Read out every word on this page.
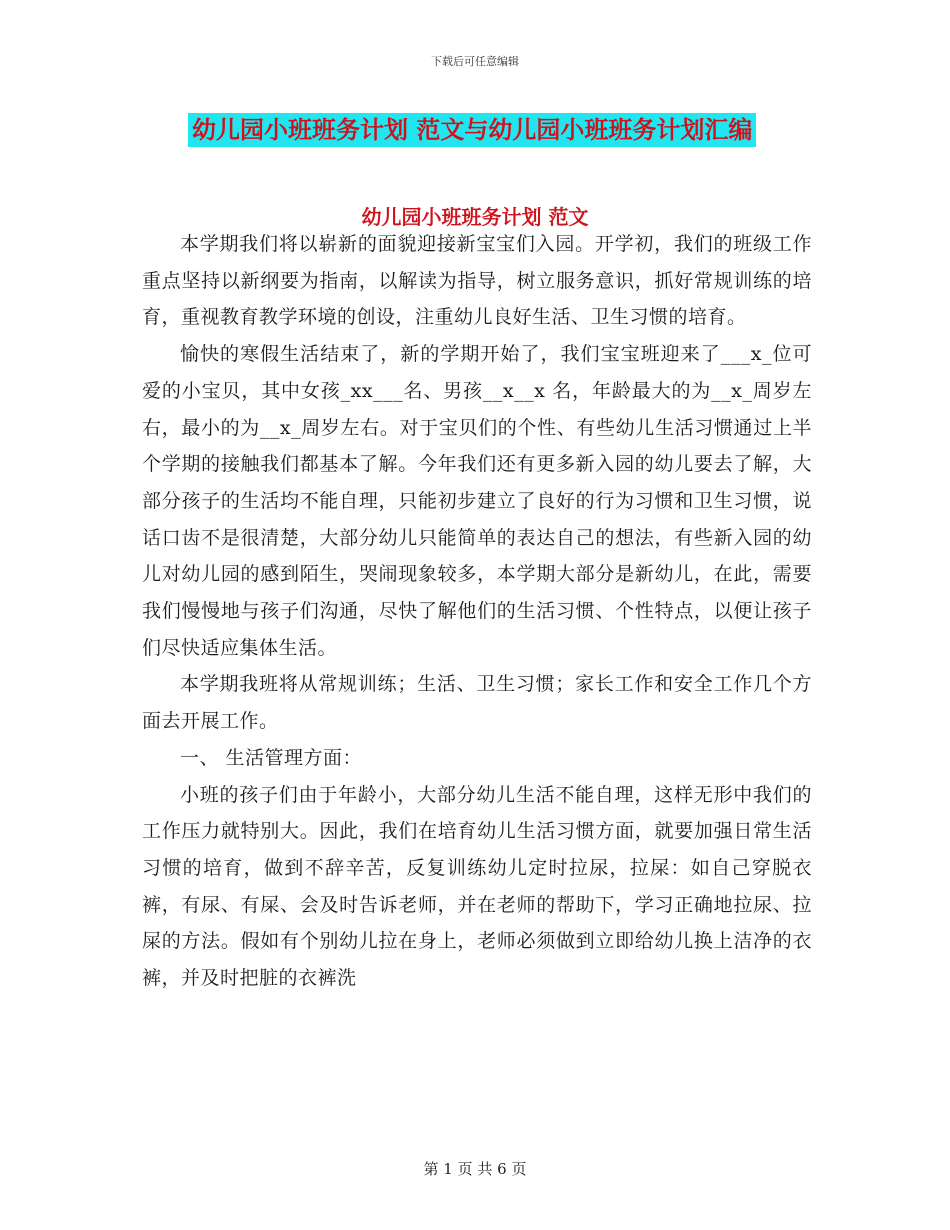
下载后可任意编辑
幼儿园小班班务计划 范文与幼儿园小班班务计划汇编
幼儿园小班班务计划 范文

本学期我们将以崭新的面貌迎接新宝宝们入园。开学初，我们的班级工作重点坚持以新纲要为指南，以解读为指导，树立服务意识，抓好常规训练的培育，重视教育教学环境的创设，注重幼儿良好生活、卫生习惯的培育。

愉快的寒假生活结束了，新的学期开始了，我们宝宝班迎来了___x_位可爱的小宝贝，其中女孩_xx___名、男孩__x__x 名，年龄最大的为__x_周岁左右，最小的为__x_周岁左右。对于宝贝们的个性、有些幼儿生活习惯通过上半个学期的接触我们都基本了解。今年我们还有更多新入园的幼儿要去了解，大部分孩子的生活均不能自理，只能初步建立了良好的行为习惯和卫生习惯，说话口齿不是很清楚，大部分幼儿只能简单的表达自己的想法，有些新入园的幼儿对幼儿园的感到陌生，哭闹现象较多，本学期大部分是新幼儿，在此，需要我们慢慢地与孩子们沟通，尽快了解他们的生活习惯、个性特点，以便让孩子们尽快适应集体生活。

本学期我班将从常规训练；生活、卫生习惯；家长工作和安全工作几个方面去开展工作。

一、 生活管理方面：

小班的孩子们由于年龄小，大部分幼儿生活不能自理，这样无形中我们的工作压力就特别大。因此，我们在培育幼儿生活习惯方面，就要加强日常生活习惯的培育，做到不辞辛苦，反复训练幼儿定时拉尿，拉屎：如自己穿脱衣裤，有尿、有屎、会及时告诉老师，并在老师的帮助下，学习正确地拉尿、拉屎的方法。假如有个别幼儿拉在身上，老师必须做到立即给幼儿换上洁净的衣裤，并及时把脏的衣裤洗

第 1 页 共 6 页
